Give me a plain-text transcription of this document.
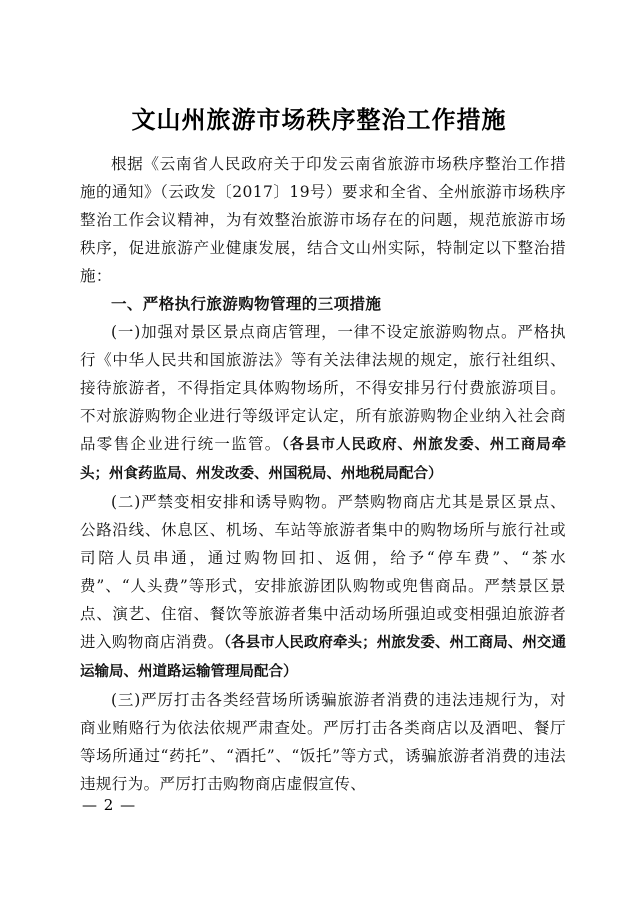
文山州旅游市场秩序整治工作措施

根据《云南省人民政府关于印发云南省旅游市场秩序整治工作措施的通知》（云政发〔2017〕19号）要求和全省、全州旅游市场秩序整治工作会议精神，为有效整治旅游市场存在的问题，规范旅游市场秩序，促进旅游产业健康发展，结合文山州实际，特制定以下整治措施：

一、严格执行旅游购物管理的三项措施

(一)加强对景区景点商店管理，一律不设定旅游购物点。严格执行《中华人民共和国旅游法》等有关法律法规的规定，旅行社组织、接待旅游者，不得指定具体购物场所，不得安排另行付费旅游项目。不对旅游购物企业进行等级评定认定，所有旅游购物企业纳入社会商品零售企业进行统一监管。（各县市人民政府、州旅发委、州工商局牵头；州食药监局、州发改委、州国税局、州地税局配合）

(二)严禁变相安排和诱导购物。严禁购物商店尤其是景区景点、公路沿线、休息区、机场、车站等旅游者集中的购物场所与旅行社或司陪人员串通，通过购物回扣、返佣，给予“停车费”、“茶水费”、“人头费”等形式，安排旅游团队购物或兜售商品。严禁景区景点、演艺、住宿、餐饮等旅游者集中活动场所强迫或变相强迫旅游者进入购物商店消费。（各县市人民政府牵头；州旅发委、州工商局、州交通运输局、州道路运输管理局配合）

(三)严厉打击各类经营场所诱骗旅游者消费的违法违规行为，对商业贿赂行为依法依规严肃查处。严厉打击各类商店以及酒吧、餐厅等场所通过“药托”、“酒托”、“饭托”等方式，诱骗旅游者消费的违法违规行为。严厉打击购物商店虚假宣传、

— 2 —
